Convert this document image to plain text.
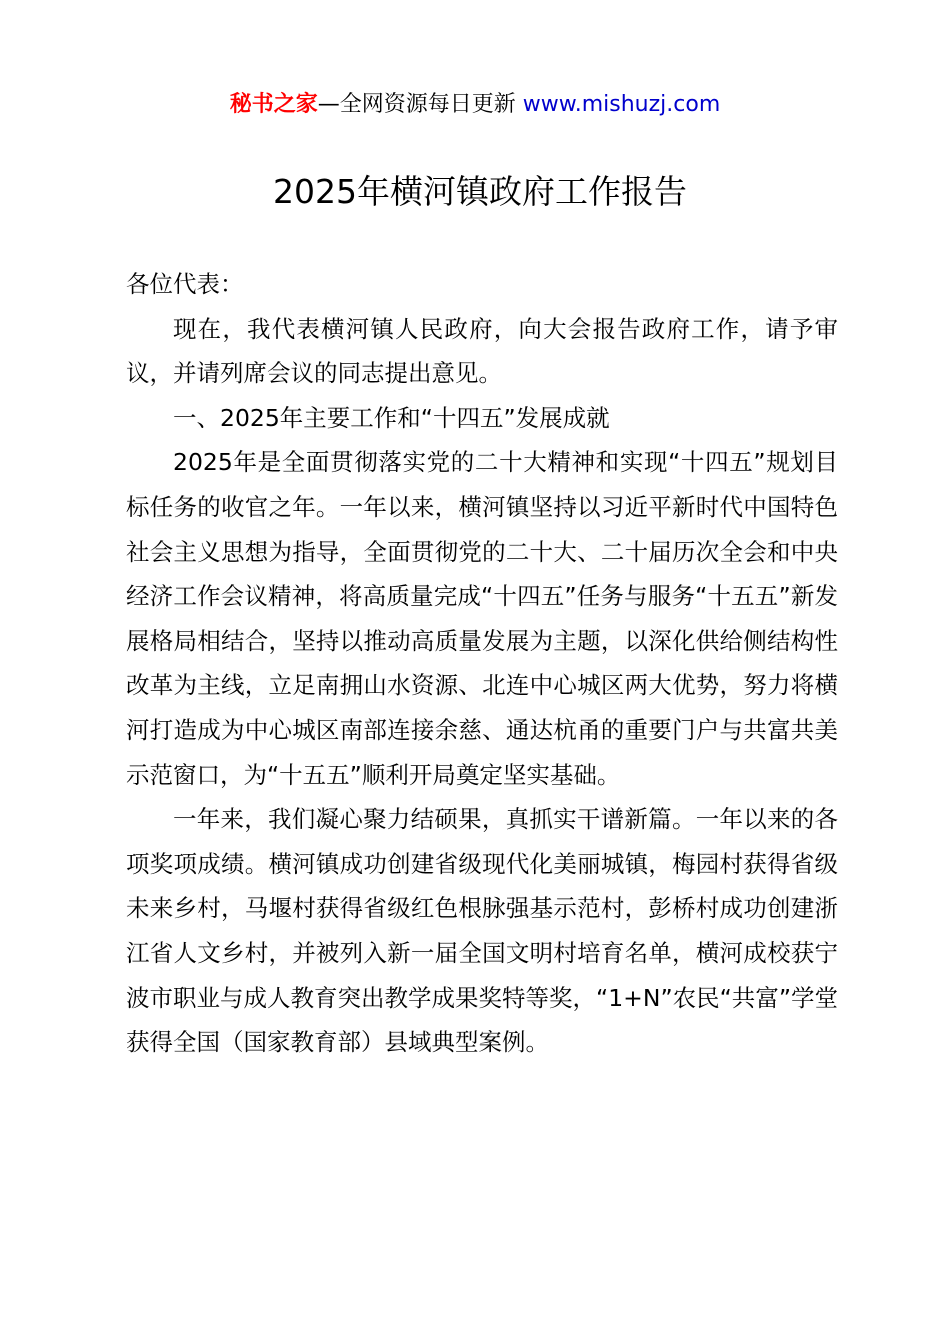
秘书之家—全网资源每日更新 www.mishuzj.com
2025年横河镇政府工作报告

各位代表：

现在，我代表横河镇人民政府，向大会报告政府工作，请予审议，并请列席会议的同志提出意见。

一、2025年主要工作和“十四五”发展成就

2025年是全面贯彻落实党的二十大精神和实现“十四五”规划目标任务的收官之年。一年以来，横河镇坚持以习近平新时代中国特色社会主义思想为指导，全面贯彻党的二十大、二十届历次全会和中央经济工作会议精神，将高质量完成“十四五”任务与服务“十五五”新发展格局相结合，坚持以推动高质量发展为主题，以深化供给侧结构性改革为主线，立足南拥山水资源、北连中心城区两大优势，努力将横河打造成为中心城区南部连接余慈、通达杭甬的重要门户与共富共美示范窗口，为“十五五”顺利开局奠定坚实基础。

一年来，我们凝心聚力结硕果，真抓实干谱新篇。一年以来的各项奖项成绩。横河镇成功创建省级现代化美丽城镇，梅园村获得省级未来乡村，马堰村获得省级红色根脉强基示范村，彭桥村成功创建浙江省人文乡村，并被列入新一届全国文明村培育名单，横河成校获宁波市职业与成人教育突出教学成果奖特等奖，“1+N”农民“共富”学堂获得全国（国家教育部）县域典型案例。
